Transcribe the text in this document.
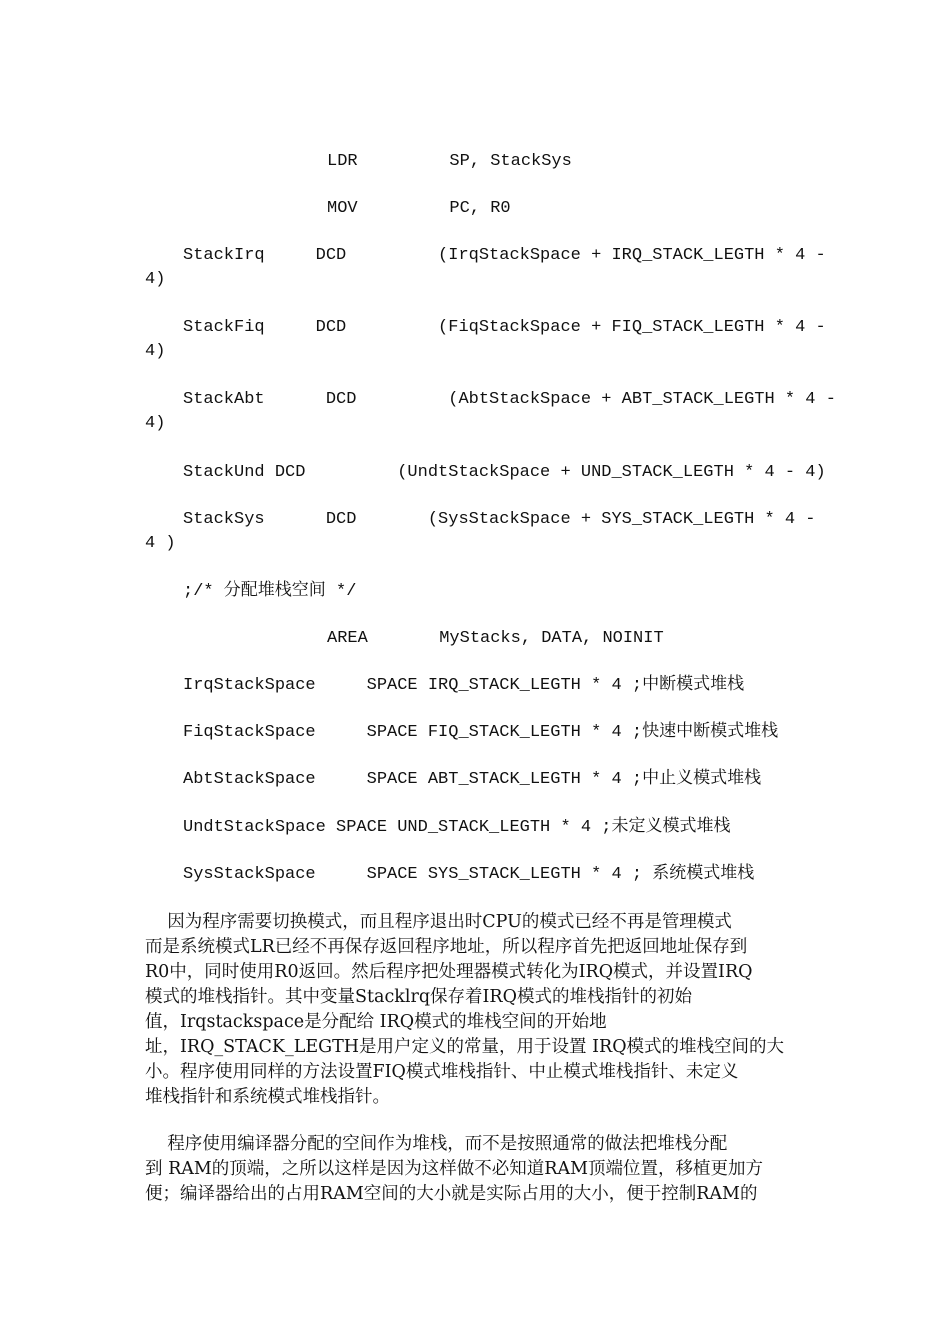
LDR         SP, StackSys

MOV         PC, R0

StackIrq     DCD         (IrqStackSpace + IRQ_STACK_LEGTH * 4 -

4)

StackFiq     DCD         (FiqStackSpace + FIQ_STACK_LEGTH * 4 -

4)

StackAbt      DCD         (AbtStackSpace + ABT_STACK_LEGTH * 4 -

4)

StackUnd DCD         (UndtStackSpace + UND_STACK_LEGTH * 4 - 4)

StackSys      DCD       (SysStackSpace + SYS_STACK_LEGTH * 4 -

4 )

;/* 分配堆栈空间 */

AREA       MyStacks, DATA, NOINIT

IrqStackSpace     SPACE IRQ_STACK_LEGTH * 4 ;中断模式堆栈

FiqStackSpace     SPACE FIQ_STACK_LEGTH * 4 ;快速中断模式堆栈

AbtStackSpace     SPACE ABT_STACK_LEGTH * 4 ;中止义模式堆栈

UndtStackSpace SPACE UND_STACK_LEGTH * 4 ;未定义模式堆栈

SysStackSpace     SPACE SYS_STACK_LEGTH * 4 ; 系统模式堆栈

因为程序需要切换模式，而且程序退出时CPU的模式已经不再是管理模式
而是系统模式LR已经不再保存返回程序地址，所以程序首先把返回地址保存到
R0中，同时使用R0返回。然后程序把处理器模式转化为IRQ模式，并设置IRQ
模式的堆栈指针。其中变量Stacklrq保存着IRQ模式的堆栈指针的初始
值，Irqstackspace是分配给 IRQ模式的堆栈空间的开始地
址，IRQ_STACK_LEGTH是用户定义的常量，用于设置 IRQ模式的堆栈空间的大
小。程序使用同样的方法设置FIQ模式堆栈指针、中止模式堆栈指针、未定义
堆栈指针和系统模式堆栈指针。
程序使用编译器分配的空间作为堆栈，而不是按照通常的做法把堆栈分配
到 RAM的顶端，之所以这样是因为这样做不必知道RAM顶端位置，移植更加方
便；编译器给出的占用RAM空间的大小就是实际占用的大小，便于控制RAM的
